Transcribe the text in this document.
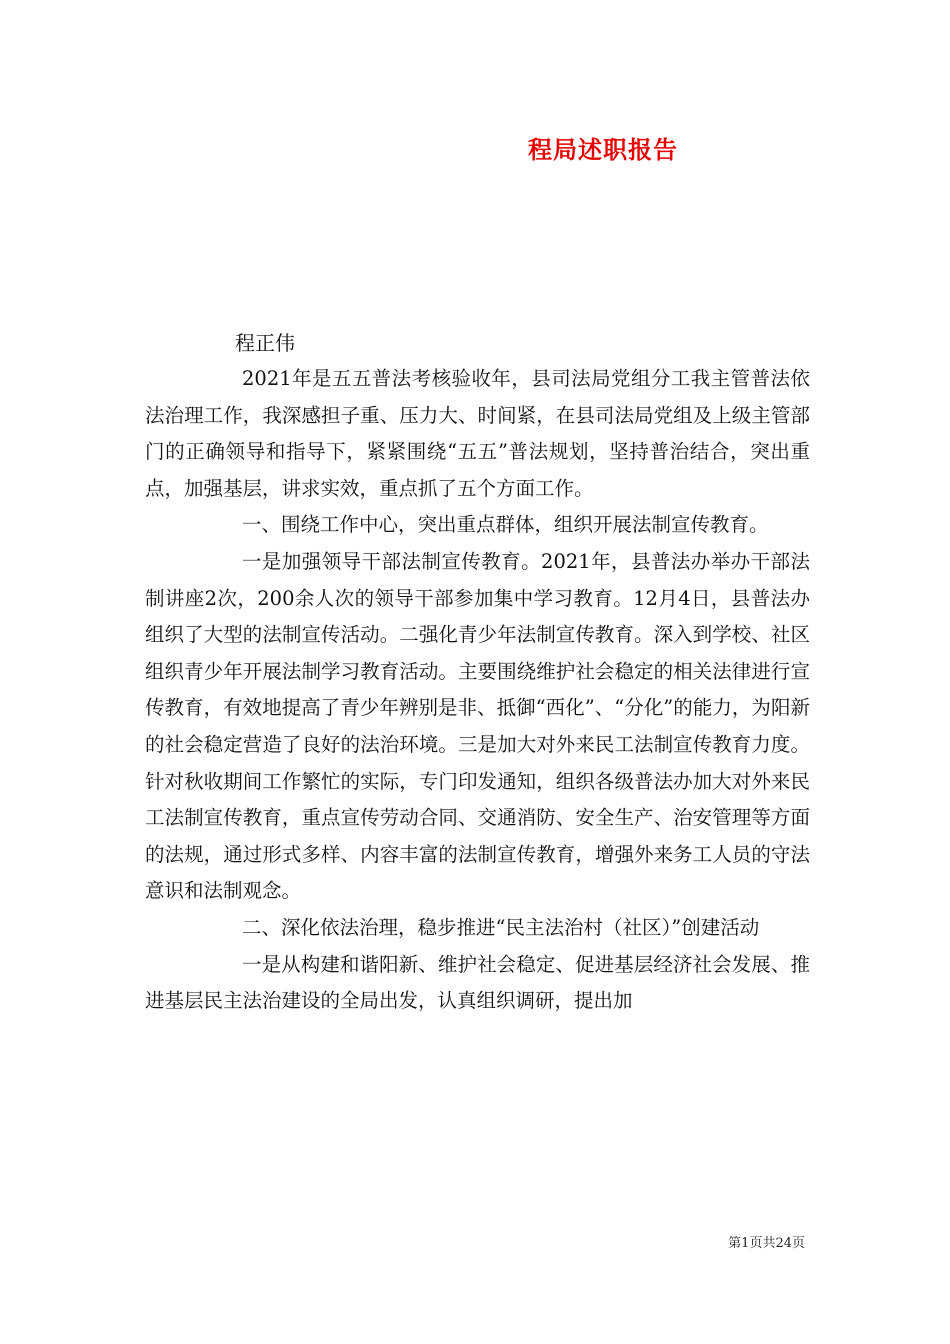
程局述职报告
程正伟

2021年是五五普法考核验收年，县司法局党组分工我主管普法依法治理工作，我深感担子重、压力大、时间紧，在县司法局党组及上级主管部门的正确领导和指导下，紧紧围绕“五五”普法规划，坚持普治结合，突出重点，加强基层，讲求实效，重点抓了五个方面工作。

一、围绕工作中心，突出重点群体，组织开展法制宣传教育。

一是加强领导干部法制宣传教育。2021年，县普法办举办干部法制讲座2次，200余人次的领导干部参加集中学习教育。12月4日，县普法办组织了大型的法制宣传活动。二强化青少年法制宣传教育。深入到学校、社区组织青少年开展法制学习教育活动。主要围绕维护社会稳定的相关法律进行宣传教育，有效地提高了青少年辨别是非、抵御“西化”、“分化”的能力，为阳新的社会稳定营造了良好的法治环境。三是加大对外来民工法制宣传教育力度。针对秋收期间工作繁忙的实际，专门印发通知，组织各级普法办加大对外来民工法制宣传教育，重点宣传劳动合同、交通消防、安全生产、治安管理等方面的法规，通过形式多样、内容丰富的法制宣传教育，增强外来务工人员的守法意识和法制观念。

二、深化依法治理，稳步推进“民主法治村（社区）”创建活动

一是从构建和谐阳新、维护社会稳定、促进基层经济社会发展、推进基层民主法治建设的全局出发，认真组织调研，提出加

第1页共24页
